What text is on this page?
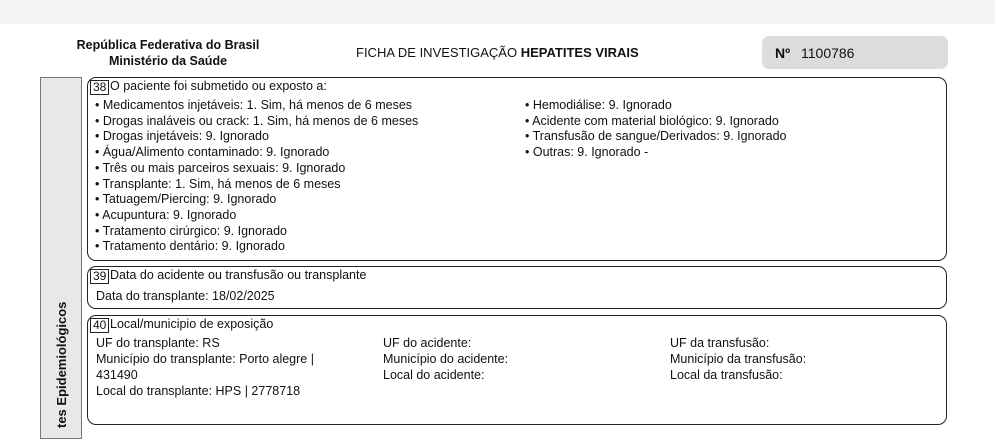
República Federativa do Brasil
Ministério da Saúde
FICHA DE INVESTIGAÇÃO HEPATITES VIRAIS	Nº 1100786
tes Epidemiológicos
38 O paciente foi submetido ou exposto a:
• Medicamentos injetáveis: 1. Sim, há menos de 6 meses
• Drogas inaláveis ou crack: 1. Sim, há menos de 6 meses
• Drogas injetáveis: 9. Ignorado
• Água/Alimento contaminado: 9. Ignorado
• Três ou mais parceiros sexuais: 9. Ignorado
• Transplante: 1. Sim, há menos de 6 meses
• Tatuagem/Piercing: 9. Ignorado
• Acupuntura: 9. Ignorado
• Tratamento cirúrgico: 9. Ignorado
• Tratamento dentário: 9. Ignorado
• Hemodiálise: 9. Ignorado
• Acidente com material biológico: 9. Ignorado
• Transfusão de sangue/Derivados: 9. Ignorado
• Outras: 9. Ignorado -
39 Data do acidente ou transfusão ou transplante
Data do transplante: 18/02/2025
40 Local/municipio de exposição
UF do transplante: RS
Município do transplante: Porto alegre |
431490
Local do transplante: HPS | 2778718
UF do acidente:
Município do acidente:
Local do acidente:
UF da transfusão:
Município da transfusão:
Local da transfusão:
